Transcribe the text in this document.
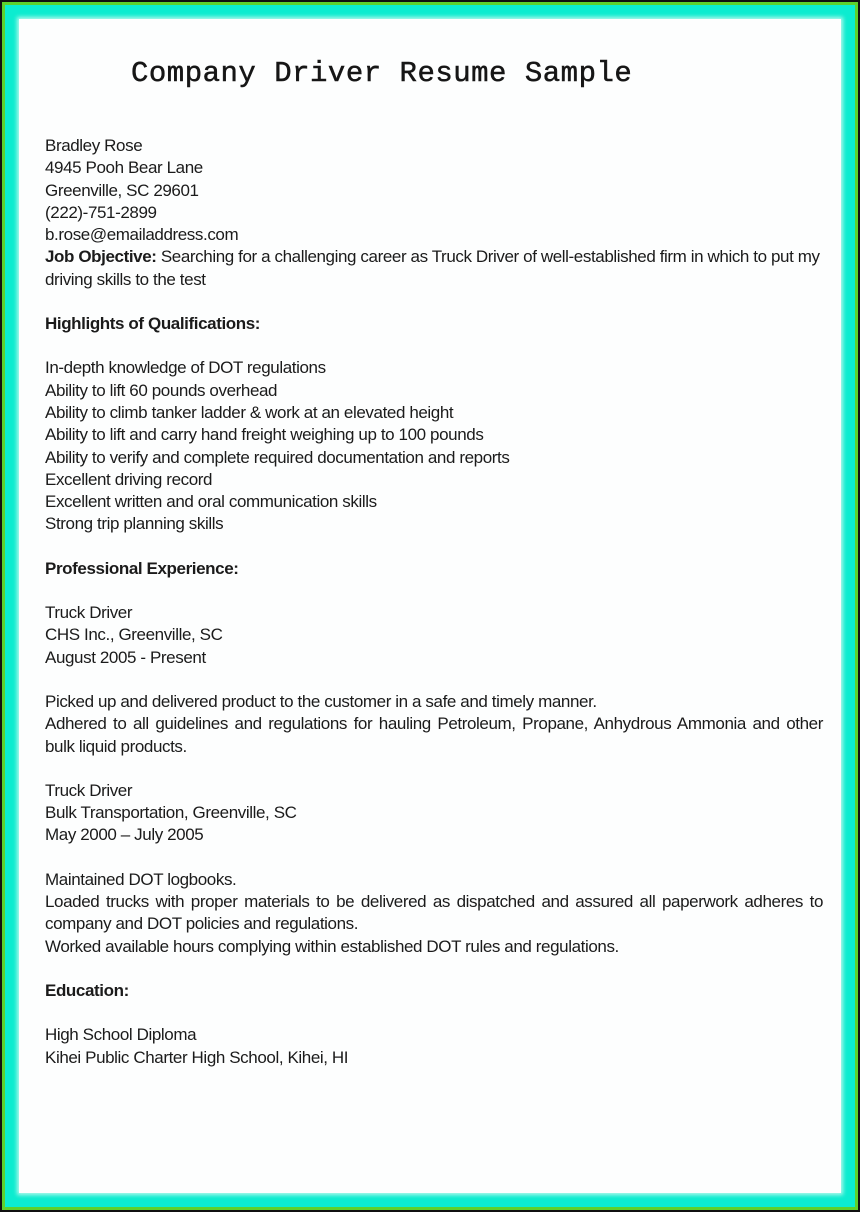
Company Driver Resume Sample
Bradley Rose
4945 Pooh Bear Lane
Greenville, SC 29601
(222)-751-2899
b.rose@emailaddress.com

Job Objective: Searching for a challenging career as Truck Driver of well-established firm in which to put my driving skills to the test

Highlights of Qualifications:
In-depth knowledge of DOT regulations
Ability to lift 60 pounds overhead
Ability to climb tanker ladder & work at an elevated height
Ability to lift and carry hand freight weighing up to 100 pounds
Ability to verify and complete required documentation and reports
Excellent driving record
Excellent written and oral communication skills
Strong trip planning skills
Professional Experience:
Truck Driver
CHS Inc., Greenville, SC
August 2005 - Present

Picked up and delivered product to the customer in a safe and timely manner.

Adhered to all guidelines and regulations for hauling Petroleum, Propane, Anhydrous Ammonia and other bulk liquid products.

Truck Driver
Bulk Transportation, Greenville, SC
May 2000 – July 2005

Maintained DOT logbooks.

Loaded trucks with proper materials to be delivered as dispatched and assured all paperwork adheres to company and DOT policies and regulations.

Worked available hours complying within established DOT rules and regulations.

Education:
High School Diploma
Kihei Public Charter High School, Kihei, HI
